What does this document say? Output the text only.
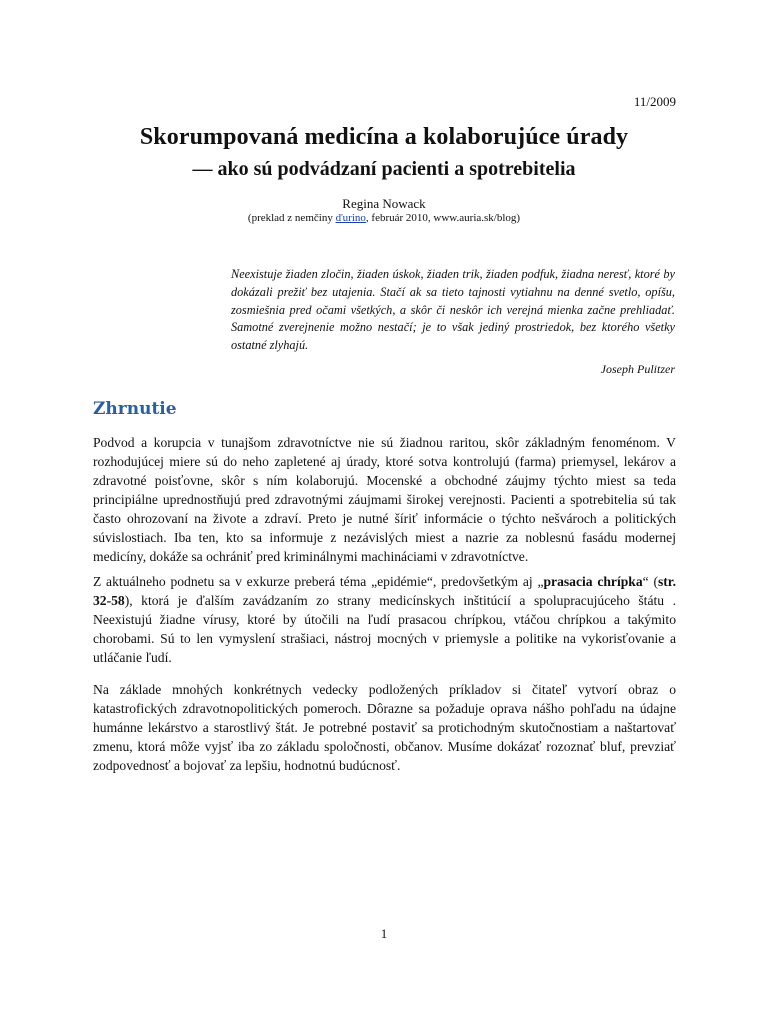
11/2009
Skorumpovaná medicína a kolaborujúce úrady
— ako sú podvádzaní pacienti a spotrebitelia
Regina Nowack
(preklad z nemčiny ďurino, február 2010, www.auria.sk/blog)
Neexistuje žiaden zločin, žiaden úskok, žiaden trik, žiaden podfuk, žiadna neresť, ktoré by dokázali prežiť bez utajenia. Stačí ak sa tieto tajnosti vytiahnu na denné svetlo, opíšu, zosmiešnia pred očami všetkých, a skôr či neskôr ich verejná mienka začne prehliadať. Samotné zverejnenie možno nestačí; je to však jediný prostriedok, bez ktorého všetky ostatné zlyhajú.
Joseph Pulitzer
Zhrnutie

Podvod a korupcia v tunajšom zdravotníctve nie sú žiadnou raritou, skôr základným fenoménom. V rozhodujúcej miere sú do neho zapletené aj úrady, ktoré sotva kontrolujú (farma) priemysel, lekárov a zdravotné poisťovne, skôr s ním kolaborujú. Mocenské a obchodné záujmy týchto miest sa teda principiálne uprednostňujú pred zdravotnými záujmami širokej verejnosti. Pacienti a spotrebitelia sú tak často ohrozovaní na živote a zdraví. Preto je nutné šíriť informácie o týchto nešvároch a politických súvislostiach. Iba ten, kto sa informuje z nezávislých miest a nazrie za noblesnú fasádu modernej medicíny, dokáže sa ochrániť pred kriminálnymi machináciami v zdravotníctve.

Z aktuálneho podnetu sa v exkurze preberá téma „epidémie“, predovšetkým aj „prasacia chrípka“ (str. 32-58), ktorá je ďalším zavádzaním zo strany medicínskych inštitúcií a spolupracujúceho štátu . Neexistujú žiadne vírusy, ktoré by útočili na ľudí prasacou chrípkou, vtáčou chrípkou a takýmito chorobami. Sú to len vymyslení strašiaci, nástroj mocných v priemysle a politike na vykorisťovanie a utláčanie ľudí.

Na základe mnohých konkrétnych vedecky podložených príkladov si čitateľ vytvorí obraz o katastrofických zdravotnopolitických pomeroch. Dôrazne sa požaduje oprava nášho pohľadu na údajne humánne lekárstvo a starostlivý štát. Je potrebné postaviť sa protichodným skutočnostiam a naštartovať zmenu, ktorá môže vyjsť iba zo základu spoločnosti, občanov. Musíme dokázať rozoznať bluf, prevziať zodpovednosť a bojovať za lepšiu, hodnotnú budúcnosť.

1
